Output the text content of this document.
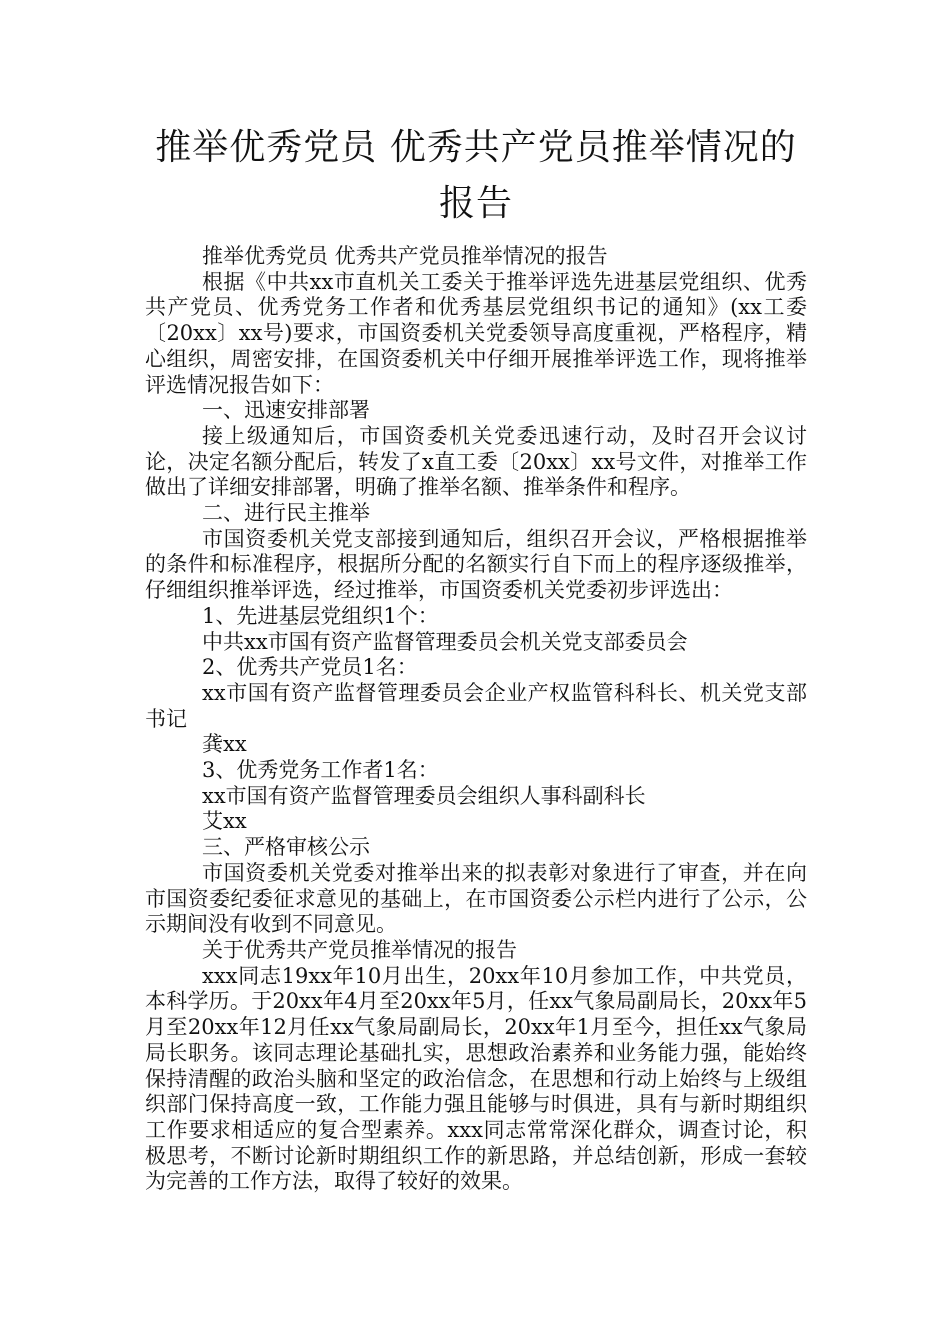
推举优秀党员 优秀共产党员推举情况的报告

推举优秀党员 优秀共产党员推举情况的报告

根据《中共xx市直机关工委关于推举评选先进基层党组织、优秀共产党员、优秀党务工作者和优秀基层党组织书记的通知》(xx工委〔20xx〕xx号)要求，市国资委机关党委领导高度重视，严格程序，精心组织，周密安排，在国资委机关中仔细开展推举评选工作，现将推举评选情况报告如下：

一、迅速安排部署

接上级通知后，市国资委机关党委迅速行动，及时召开会议讨论，决定名额分配后，转发了x直工委〔20xx〕xx号文件，对推举工作做出了详细安排部署，明确了推举名额、推举条件和程序。

二、进行民主推举

市国资委机关党支部接到通知后，组织召开会议，严格根据推举的条件和标准程序，根据所分配的名额实行自下而上的程序逐级推举，仔细组织推举评选，经过推举，市国资委机关党委初步评选出：

1、先进基层党组织1个：

中共xx市国有资产监督管理委员会机关党支部委员会

2、优秀共产党员1名：

xx市国有资产监督管理委员会企业产权监管科科长、机关党支部书记

龚xx

3、优秀党务工作者1名：

xx市国有资产监督管理委员会组织人事科副科长

艾xx

三、严格审核公示

市国资委机关党委对推举出来的拟表彰对象进行了审查，并在向市国资委纪委征求意见的基础上，在市国资委公示栏内进行了公示，公示期间没有收到不同意见。

关于优秀共产党员推举情况的报告

xxx同志19xx年10月出生，20xx年10月参加工作，中共党员，本科学历。于20xx年4月至20xx年5月，任xx气象局副局长，20xx年5月至20xx年12月任xx气象局副局长，20xx年1月至今，担任xx气象局局长职务。该同志理论基础扎实，思想政治素养和业务能力强，能始终保持清醒的政治头脑和坚定的政治信念，在思想和行动上始终与上级组织部门保持高度一致，工作能力强且能够与时俱进，具有与新时期组织工作要求相适应的复合型素养。xxx同志常常深化群众，调查讨论，积极思考，不断讨论新时期组织工作的新思路，并总结创新，形成一套较为完善的工作方法，取得了较好的效果。
